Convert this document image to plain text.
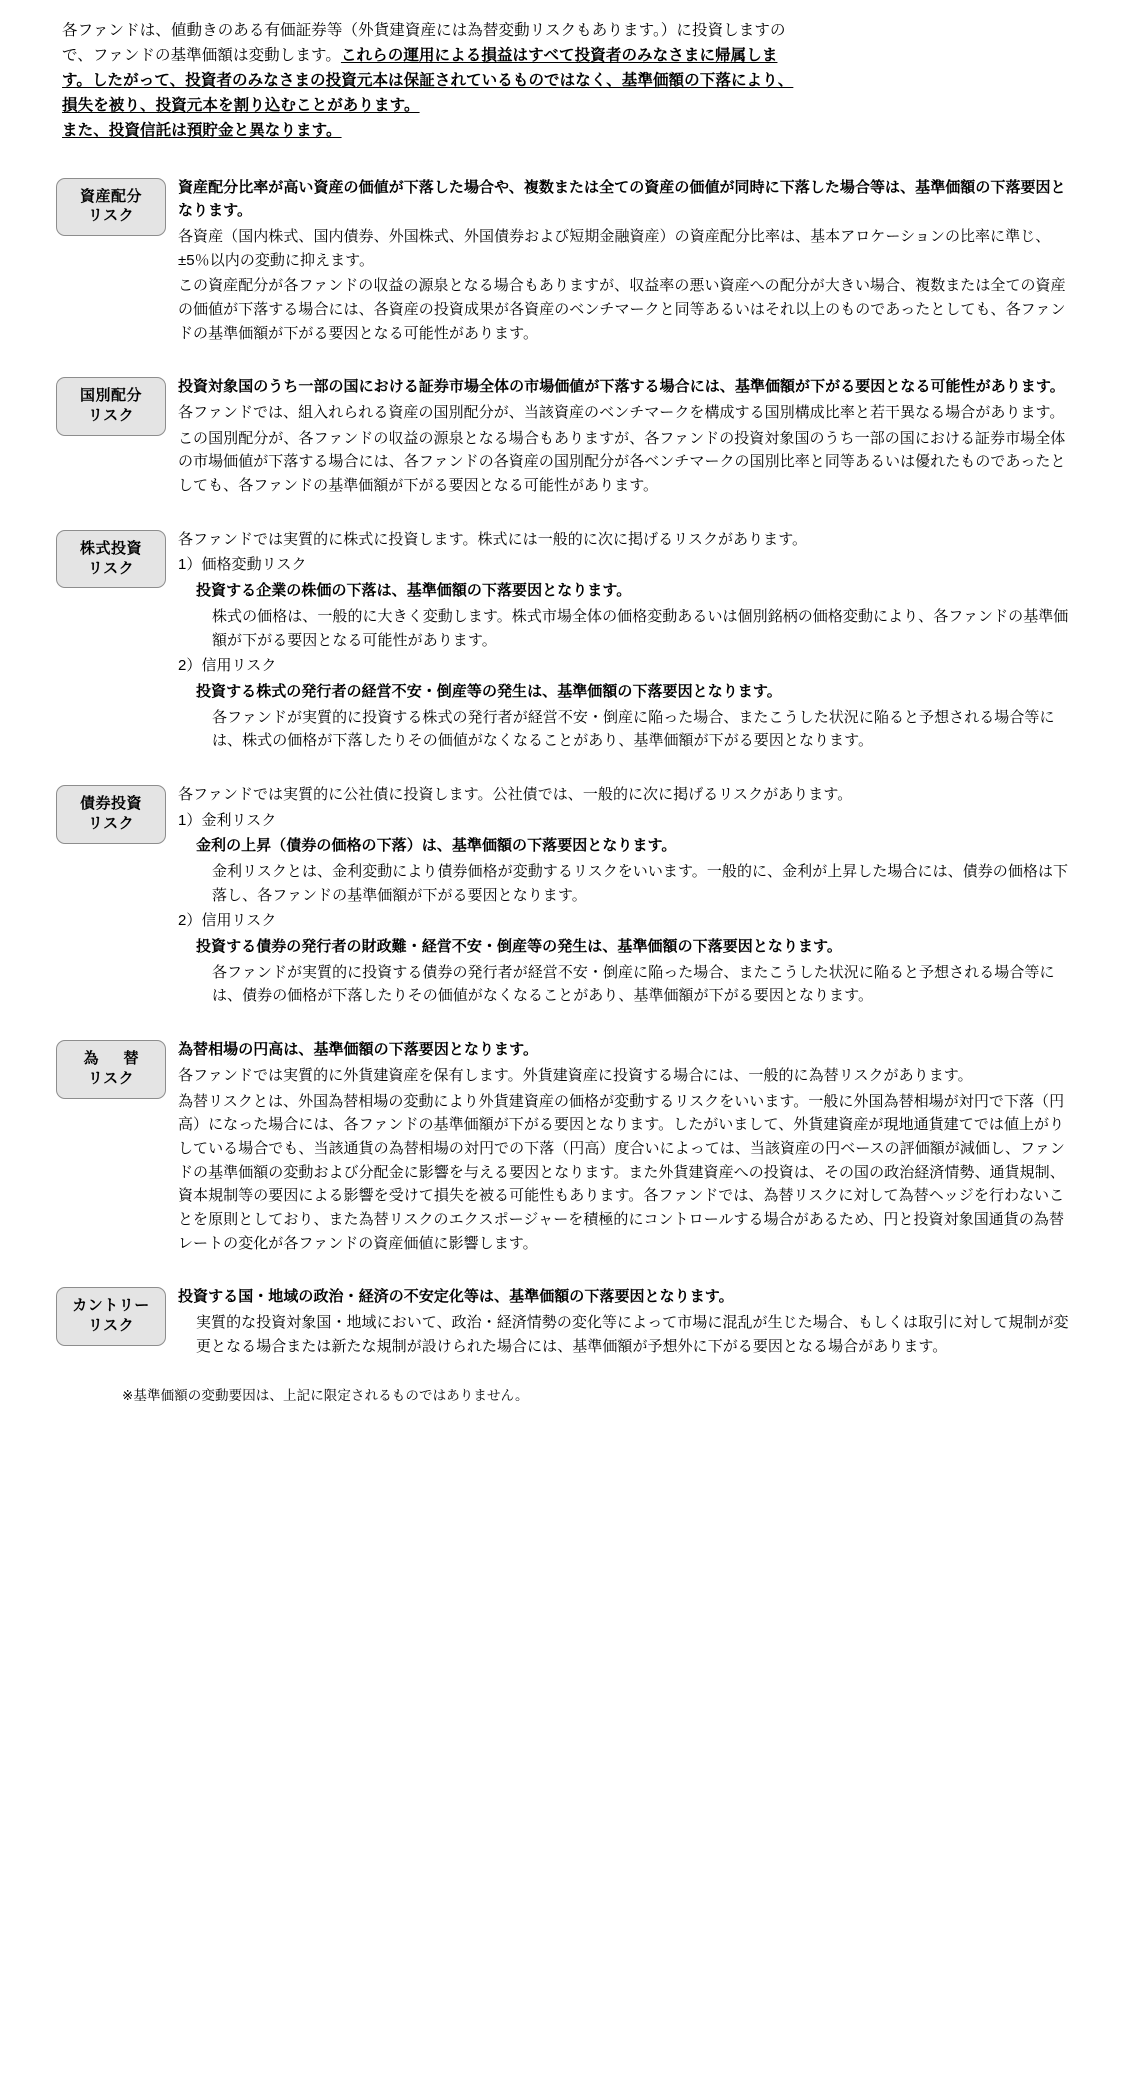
各ファンドは、値動きのある有価証券等（外貨建資産には為替変動リスクもあります。）に投資しますの
で、ファンドの基準価額は変動します。これらの運用による損益はすべて投資者のみなさまに帰属しま
す。したがって、投資者のみなさまの投資元本は保証されているものではなく、基準価額の下落により、
損失を被り、投資元本を割り込むことがあります。
また、投資信託は預貯金と異なります。
資産配分
リスク

資産配分比率が高い資産の価値が下落した場合や、複数または全ての資産の価値が同時に下落した場合等は、基準価額の下落要因となります。

各資産（国内株式、国内債券、外国株式、外国債券および短期金融資産）の資産配分比率は、基本アロケーションの比率に準じ、±5％以内の変動に抑えます。

この資産配分が各ファンドの収益の源泉となる場合もありますが、収益率の悪い資産への配分が大きい場合、複数または全ての資産の価値が下落する場合には、各資産の投資成果が各資産のベンチマークと同等あるいはそれ以上のものであったとしても、各ファンドの基準価額が下がる要因となる可能性があります。

国別配分
リスク

投資対象国のうち一部の国における証券市場全体の市場価値が下落する場合には、基準価額が下がる要因となる可能性があります。

各ファンドでは、組入れられる資産の国別配分が、当該資産のベンチマークを構成する国別構成比率と若干異なる場合があります。

この国別配分が、各ファンドの収益の源泉となる場合もありますが、各ファンドの投資対象国のうち一部の国における証券市場全体の市場価値が下落する場合には、各ファンドの各資産の国別配分が各ベンチマークの国別比率と同等あるいは優れたものであったとしても、各ファンドの基準価額が下がる要因となる可能性があります。

株式投資
リスク

各ファンドでは実質的に株式に投資します。株式には一般的に次に掲げるリスクがあります。

1）価格変動リスク

投資する企業の株価の下落は、基準価額の下落要因となります。

株式の価格は、一般的に大きく変動します。株式市場全体の価格変動あるいは個別銘柄の価格変動により、各ファンドの基準価額が下がる要因となる可能性があります。

2）信用リスク

投資する株式の発行者の経営不安・倒産等の発生は、基準価額の下落要因となります。

各ファンドが実質的に投資する株式の発行者が経営不安・倒産に陥った場合、またこうした状況に陥ると予想される場合等には、株式の価格が下落したりその価値がなくなることがあり、基準価額が下がる要因となります。

債券投資
リスク

各ファンドでは実質的に公社債に投資します。公社債では、一般的に次に掲げるリスクがあります。

1）金利リスク

金利の上昇（債券の価格の下落）は、基準価額の下落要因となります。

金利リスクとは、金利変動により債券価格が変動するリスクをいいます。一般的に、金利が上昇した場合には、債券の価格は下落し、各ファンドの基準価額が下がる要因となります。

2）信用リスク

投資する債券の発行者の財政難・経営不安・倒産等の発生は、基準価額の下落要因となります。

各ファンドが実質的に投資する債券の発行者が経営不安・倒産に陥った場合、またこうした状況に陥ると予想される場合等には、債券の価格が下落したりその価値がなくなることがあり、基準価額が下がる要因となります。

為　替
リスク

為替相場の円高は、基準価額の下落要因となります。

各ファンドでは実質的に外貨建資産を保有します。外貨建資産に投資する場合には、一般的に為替リスクがあります。

為替リスクとは、外国為替相場の変動により外貨建資産の価格が変動するリスクをいいます。一般に外国為替相場が対円で下落（円高）になった場合には、各ファンドの基準価額が下がる要因となります。したがいまして、外貨建資産が現地通貨建てでは値上がりしている場合でも、当該通貨の為替相場の対円での下落（円高）度合いによっては、当該資産の円ベースの評価額が減価し、ファンドの基準価額の変動および分配金に影響を与える要因となります。また外貨建資産への投資は、その国の政治経済情勢、通貨規制、資本規制等の要因による影響を受けて損失を被る可能性もあります。各ファンドでは、為替リスクに対して為替ヘッジを行わないことを原則としており、また為替リスクのエクスポージャーを積極的にコントロールする場合があるため、円と投資対象国通貨の為替レートの変化が各ファンドの資産価値に影響します。

カントリー
リスク

投資する国・地域の政治・経済の不安定化等は、基準価額の下落要因となります。

実質的な投資対象国・地域において、政治・経済情勢の変化等によって市場に混乱が生じた場合、もしくは取引に対して規制が変更となる場合または新たな規制が設けられた場合には、基準価額が予想外に下がる要因となる場合があります。

※基準価額の変動要因は、上記に限定されるものではありません。
